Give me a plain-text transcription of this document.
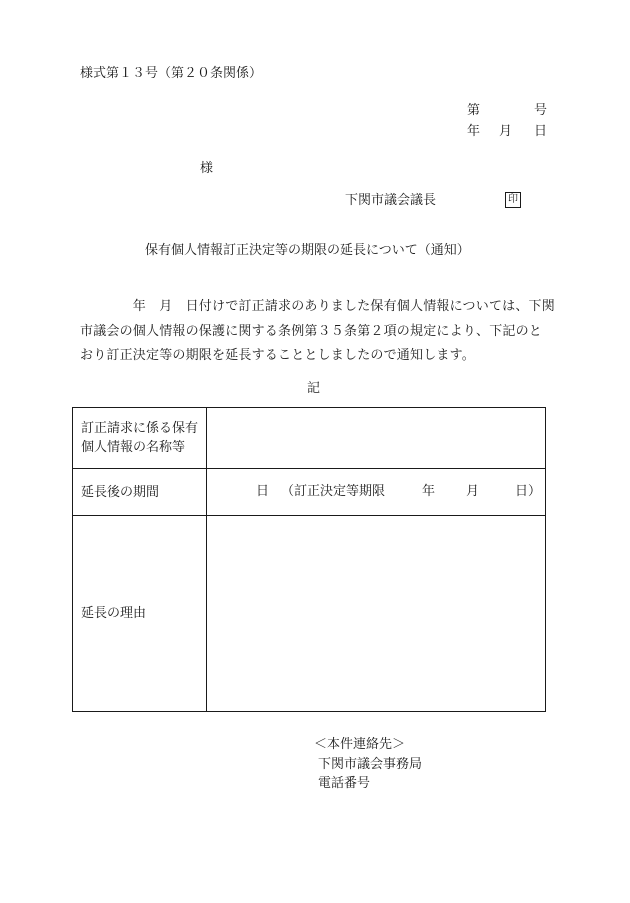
様式第１３号（第２０条関係）
第	号
年 月 日
様
下関市議会議長	印
保有個人情報訂正決定等の期限の延長について（通知）
　　　　年　月　日付けで訂正請求のありました保有個人情報については、下関
市議会の個人情報の保護に関する条例第３５条第２項の規定により、下記のと
おり訂正決定等の期限を延長することとしましたので通知します。
記
訂正請求に係る保有
個人情報の名称等	

延長後の期間	日 （訂正決定等期限 年 月 日）

延長の理由	
＜本件連絡先＞
下関市議会事務局
電話番号
